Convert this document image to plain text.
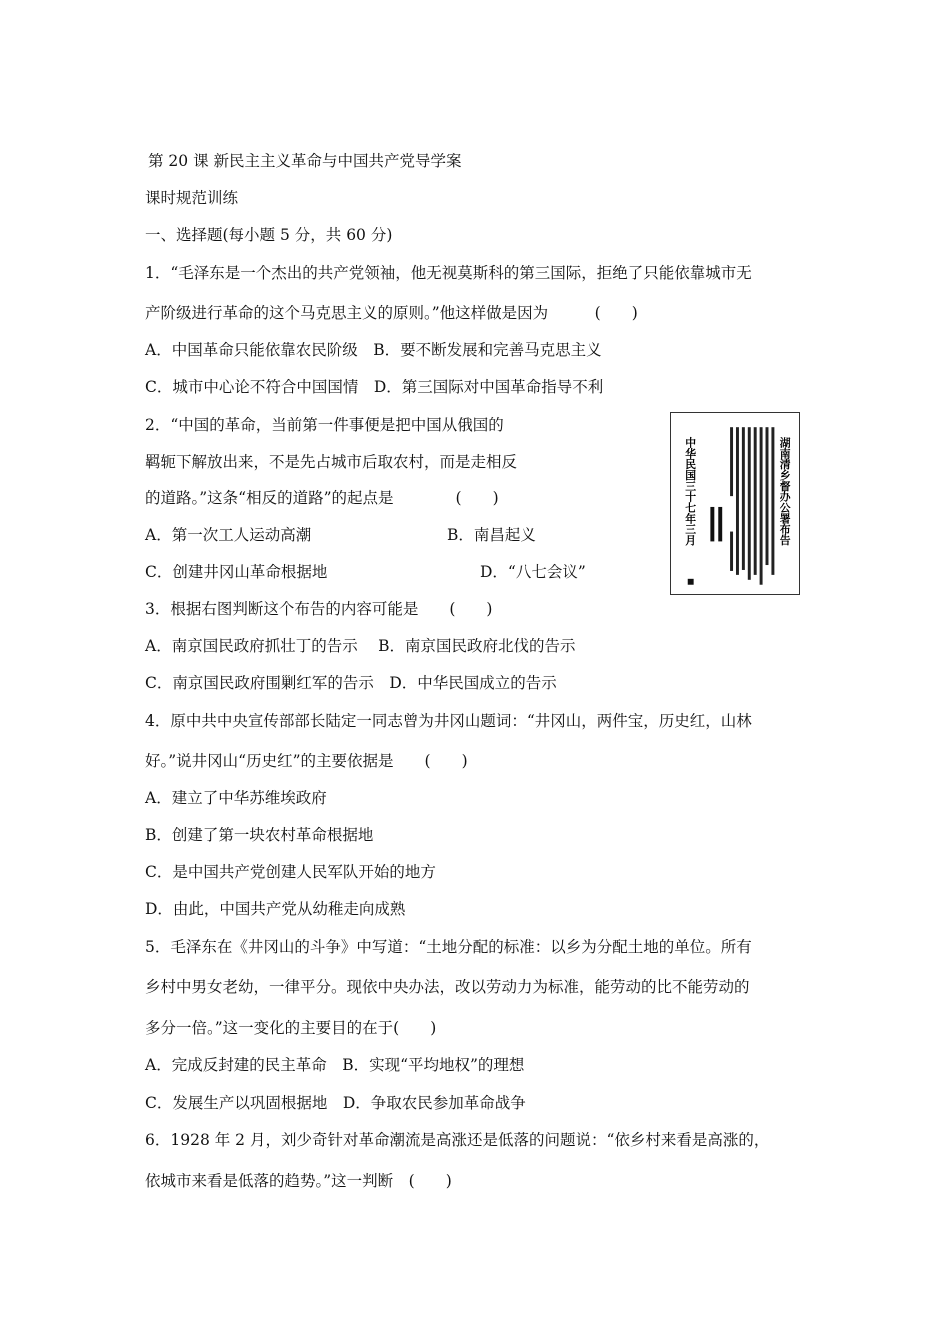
第 20 课 新民主主义革命与中国共产党导学案
课时规范训练
一、选择题(每小题 5 分，共 60 分)
1．“毛泽东是一个杰出的共产党领袖，他无视莫斯科的第三国际，拒绝了只能依靠城市无
产阶级进行革命的这个马克思主义的原则。”他这样做是因为　　　(　　)
A．中国革命只能依靠农民阶级　B．要不断发展和完善马克思主义
C．城市中心论不符合中国国情　D．第三国际对中国革命指导不利
2．“中国的革命，当前第一件事便是把中国从俄国的
羁轭下解放出来，不是先占城市后取农村，而是走相反
的道路。”这条“相反的道路”的起点是　　　　(　　)
A．第一次工人运动高潮	B．南昌起义
C．创建井冈山革命根据地	D．“八七会议”
湖南清乡督办公署布告
中华民国三十七年三月
3．根据右图判断这个布告的内容可能是　　(　　)
A．南京国民政府抓壮丁的告示　 B．南京国民政府北伐的告示
C．南京国民政府围剿红军的告示　D．中华民国成立的告示
4．原中共中央宣传部部长陆定一同志曾为井冈山题词：“井冈山，两件宝，历史红，山林
好。”说井冈山“历史红”的主要依据是　　(　　)
A．建立了中华苏维埃政府
B．创建了第一块农村革命根据地
C．是中国共产党创建人民军队开始的地方
D．由此，中国共产党从幼稚走向成熟
5．毛泽东在《井冈山的斗争》中写道：“土地分配的标准：以乡为分配土地的单位。所有
乡村中男女老幼，一律平分。现依中央办法，改以劳动力为标准，能劳动的比不能劳动的
多分一倍。”这一变化的主要目的在于(　　)
A．完成反封建的民主革命　B．实现“平均地权”的理想
C．发展生产以巩固根据地　D．争取农民参加革命战争
6．1928 年 2 月，刘少奇针对革命潮流是高涨还是低落的问题说：“依乡村来看是高涨的，
依城市来看是低落的趋势。”这一判断　(　　)
